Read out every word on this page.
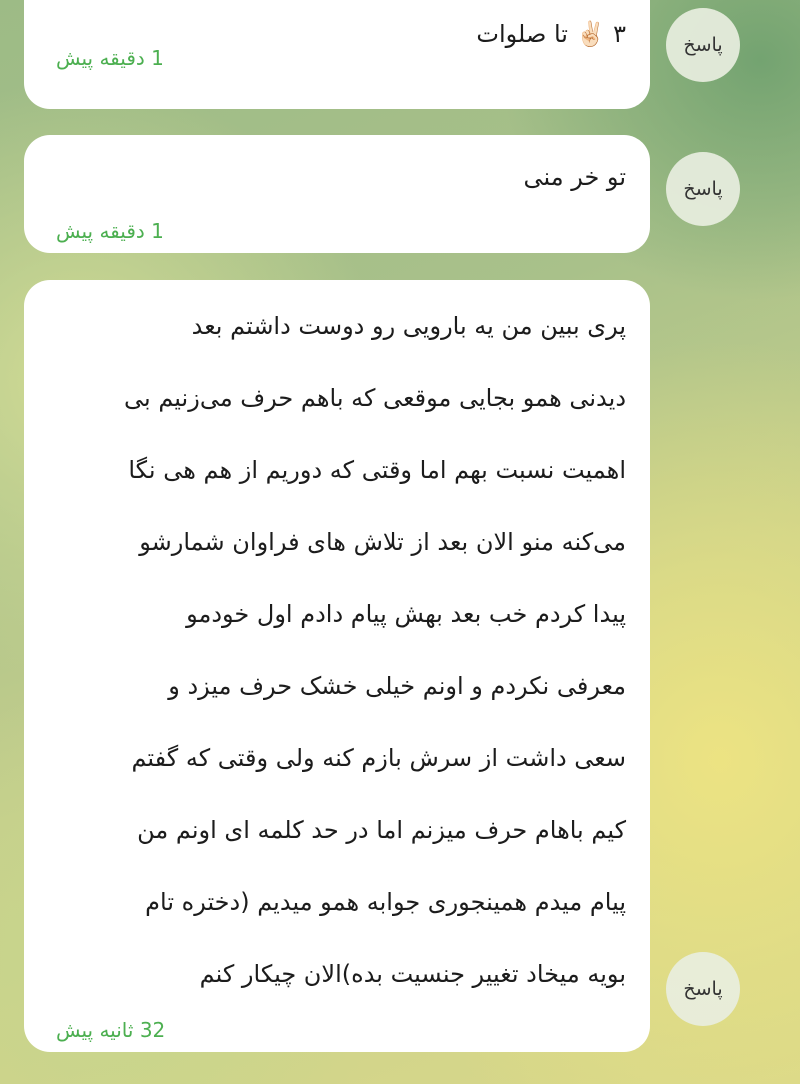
۳ ✌🏻 تا صلوات
1 دقیقه پیش
پاسخ
تو خر منی
1 دقیقه پیش
پاسخ
پری ببین من یه بارویی رو دوست داشتم بعد
دیدنی همو بجایی موقعی که باهم حرف می‌زنیم بی
اهمیت نسبت بهم اما وقتی که دوریم از هم هی نگا
می‌کنه منو الان بعد از تلاش های فراوان شمارشو
پیدا کردم خب بعد بهش پیام دادم اول خودمو
معرفی نکردم و اونم خیلی خشک حرف میزد و
سعی داشت از سرش بازم کنه ولی وقتی که گفتم
کیم باهام حرف میزنم اما در حد کلمه ای اونم من
پیام میدم همینجوری جوابه همو میدیم (دختره تام
بویه میخاد تغییر جنسیت بده)الان چیکار کنم
32 ثانیه پیش
پاسخ
